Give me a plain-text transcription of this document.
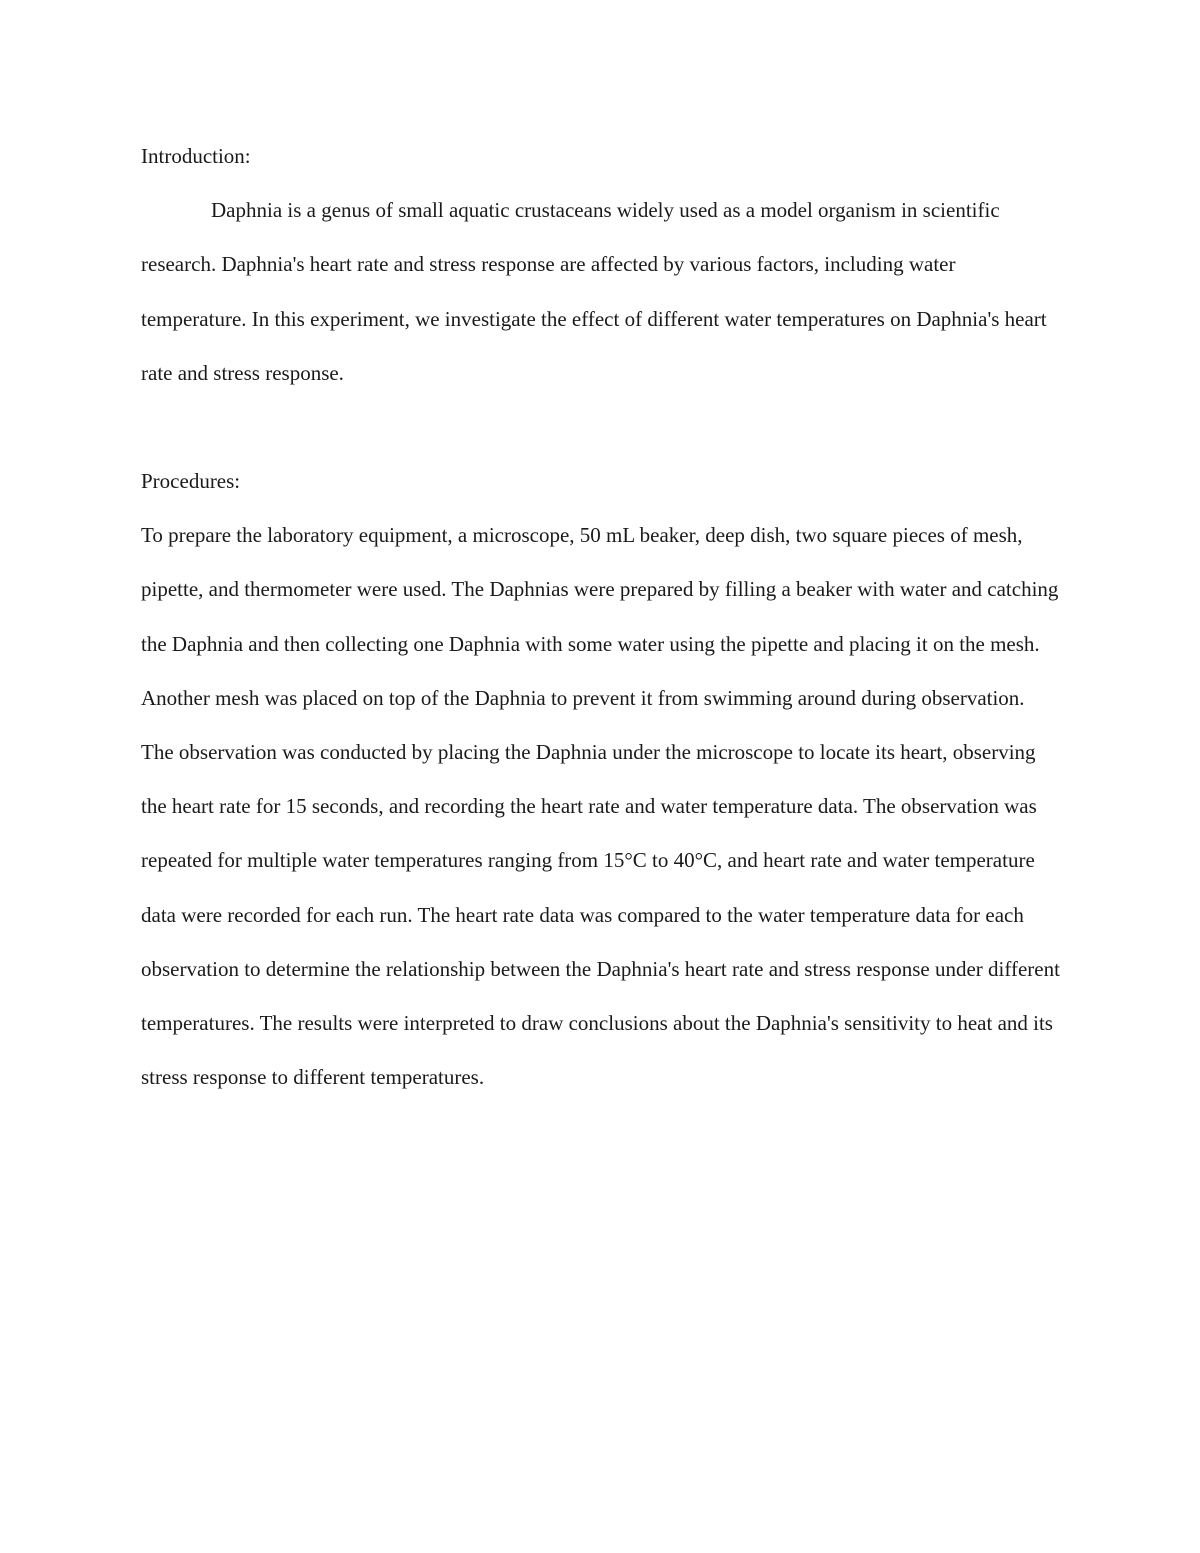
Introduction:

Daphnia is a genus of small aquatic crustaceans widely used as a model organism in scientific research. Daphnia's heart rate and stress response are affected by various factors, including water temperature. In this experiment, we investigate the effect of different water temperatures on Daphnia's heart rate and stress response.

Procedures:

To prepare the laboratory equipment, a microscope, 50 mL beaker, deep dish, two square pieces of mesh, pipette, and thermometer were used. The Daphnias were prepared by filling a beaker with water and catching the Daphnia and then collecting one Daphnia with some water using the pipette and placing it on the mesh. Another mesh was placed on top of the Daphnia to prevent it from swimming around during observation. The observation was conducted by placing the Daphnia under the microscope to locate its heart, observing the heart rate for 15 seconds, and recording the heart rate and water temperature data. The observation was repeated for multiple water temperatures ranging from 15°C to 40°C, and heart rate and water temperature data were recorded for each run. The heart rate data was compared to the water temperature data for each observation to determine the relationship between the Daphnia's heart rate and stress response under different temperatures. The results were interpreted to draw conclusions about the Daphnia's sensitivity to heat and its stress response to different temperatures.
